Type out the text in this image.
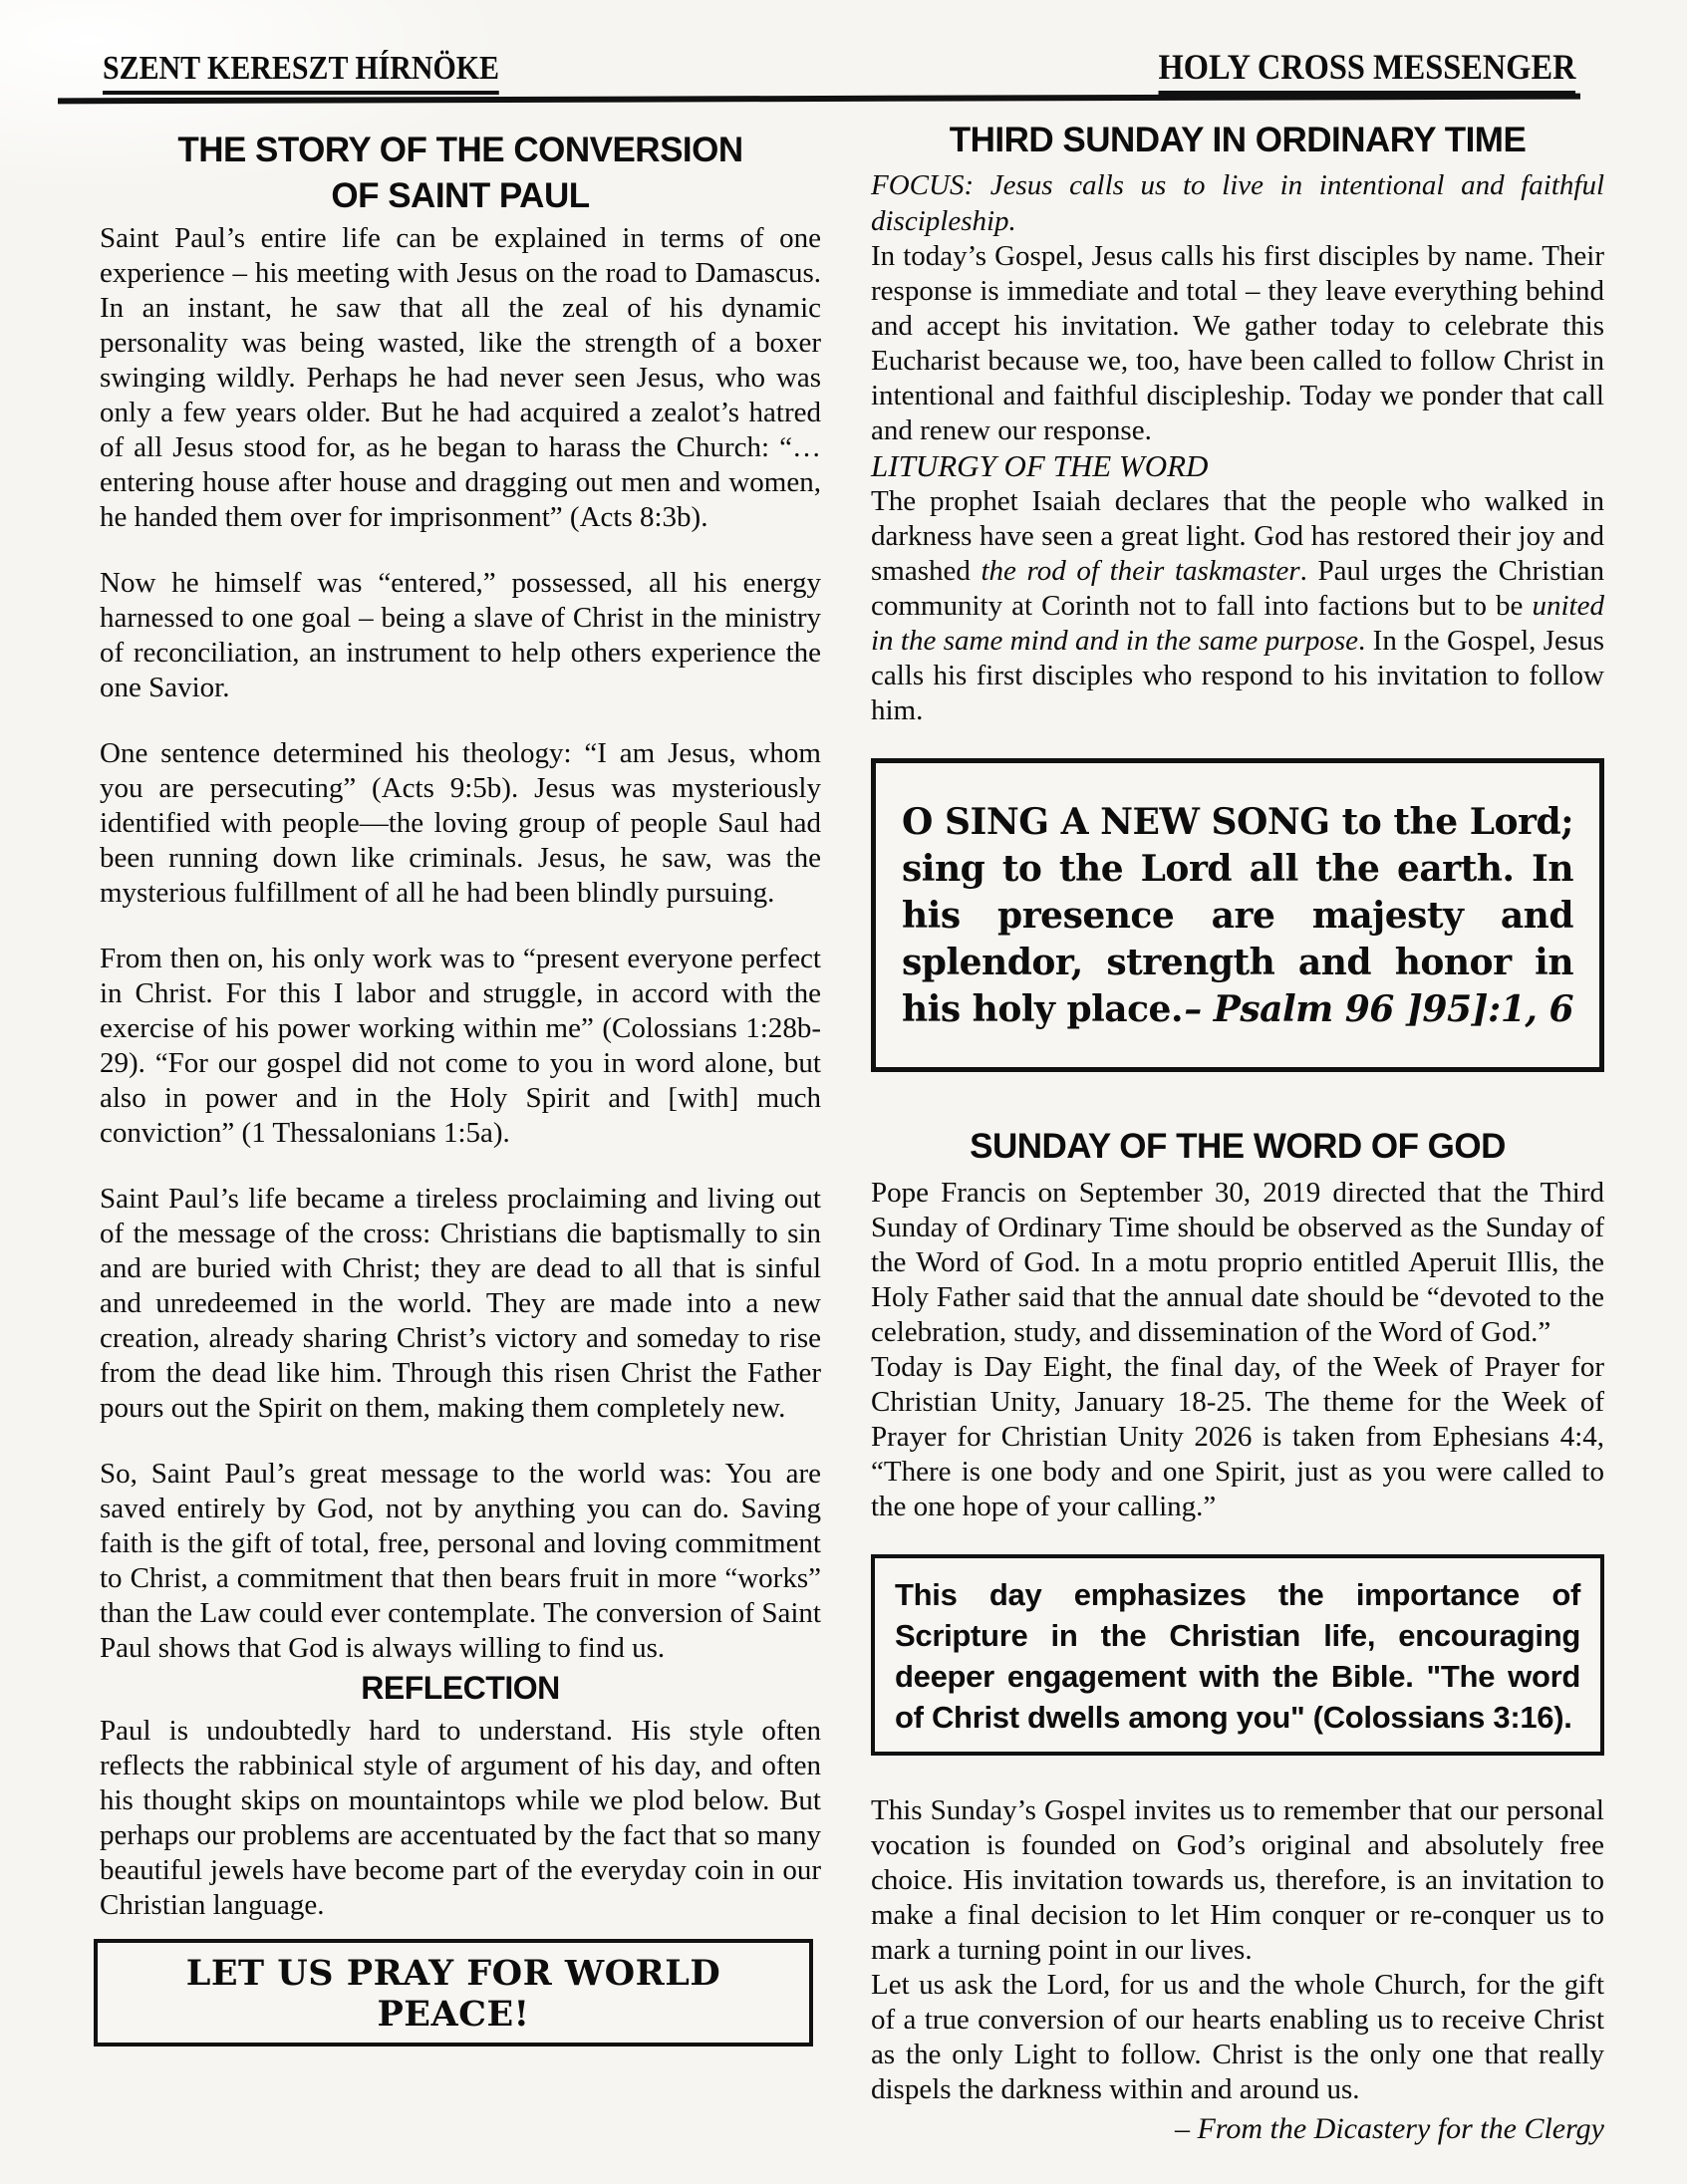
SZENT KERESZT HÍRNÖKE	HOLY CROSS MESSENGER
THE STORY OF THE CONVERSION
OF SAINT PAUL

Saint Paul’s entire life can be explained in terms of one experience – his meeting with Jesus on the road to Damascus. In an instant, he saw that all the zeal of his dynamic personality was being wasted, like the strength of a boxer swinging wildly. Perhaps he had never seen Jesus, who was only a few years older. But he had acquired a zealot’s hatred of all Jesus stood for, as he began to harass the Church: “…entering house after house and dragging out men and women, he handed them over for imprisonment” (Acts 8:3b).

Now he himself was “entered,” possessed, all his energy harnessed to one goal – being a slave of Christ in the ministry of reconciliation, an instrument to help others experience the one Savior.

One sentence determined his theology: “I am Jesus, whom you are persecuting” (Acts 9:5b). Jesus was mysteriously identified with people—the loving group of people Saul had been running down like criminals. Jesus, he saw, was the mysterious fulfillment of all he had been blindly pursuing.

From then on, his only work was to “present everyone perfect in Christ. For this I labor and struggle, in accord with the exercise of his power working within me” (Colossians 1:28b-29). “For our gospel did not come to you in word alone, but also in power and in the Holy Spirit and [with] much conviction” (1 Thessalonians 1:5a).

Saint Paul’s life became a tireless proclaiming and living out of the message of the cross: Christians die baptismally to sin and are buried with Christ; they are dead to all that is sinful and unredeemed in the world. They are made into a new creation, already sharing Christ’s victory and someday to rise from the dead like him. Through this risen Christ the Father pours out the Spirit on them, making them completely new.

So, Saint Paul’s great message to the world was: You are saved entirely by God, not by anything you can do. Saving faith is the gift of total, free, personal and loving commitment to Christ, a commitment that then bears fruit in more “works” than the Law could ever contemplate. The conversion of Saint Paul shows that God is always willing to find us.

REFLECTION

Paul is undoubtedly hard to understand. His style often reflects the rabbinical style of argument of his day, and often his thought skips on mountaintops while we plod below. But perhaps our problems are accentuated by the fact that so many beautiful jewels have become part of the everyday coin in our Christian language.

LET US PRAY FOR WORLD PEACE!
THIRD SUNDAY IN ORDINARY TIME

FOCUS: Jesus calls us to live in intentional and faithful discipleship.

In today’s Gospel, Jesus calls his first disciples by name. Their response is immediate and total – they leave everything behind and accept his invitation. We gather today to celebrate this Eucharist because we, too, have been called to follow Christ in intentional and faithful discipleship. Today we ponder that call and renew our response.

LITURGY OF THE WORD

The prophet Isaiah declares that the people who walked in darkness have seen a great light. God has restored their joy and smashed the rod of their taskmaster. Paul urges the Christian community at Corinth not to fall into factions but to be united in the same mind and in the same purpose. In the Gospel, Jesus calls his first disciples who respond to his invitation to follow him.

O SING A NEW SONG to the Lord; sing to the Lord all the earth. In his presence are majesty and splendor, strength and honor in his holy place. – Psalm 96 ]95]:1, 6
SUNDAY OF THE WORD OF GOD

Pope Francis on September 30, 2019 directed that the Third Sunday of Ordinary Time should be observed as the Sunday of the Word of God. In a motu proprio entitled Aperuit Illis, the Holy Father said that the annual date should be “devoted to the celebration, study, and dissemination of the Word of God.”

Today is Day Eight, the final day, of the Week of Prayer for Christian Unity, January 18-25. The theme for the Week of Prayer for Christian Unity 2026 is taken from Ephesians 4:4, “There is one body and one Spirit, just as you were called to the one hope of your calling.”

This day emphasizes the importance of Scripture in the Christian life, encouraging deeper engagement with the Bible. "The word of Christ dwells among you" (Colossians 3:16).

This Sunday’s Gospel invites us to remember that our personal vocation is founded on God’s original and absolutely free choice. His invitation towards us, therefore, is an invitation to make a final decision to let Him conquer or re-conquer us to mark a turning point in our lives.

Let us ask the Lord, for us and the whole Church, for the gift of a true conversion of our hearts enabling us to receive Christ as the only Light to follow. Christ is the only one that really dispels the darkness within and around us.

– From the Dicastery for the Clergy
